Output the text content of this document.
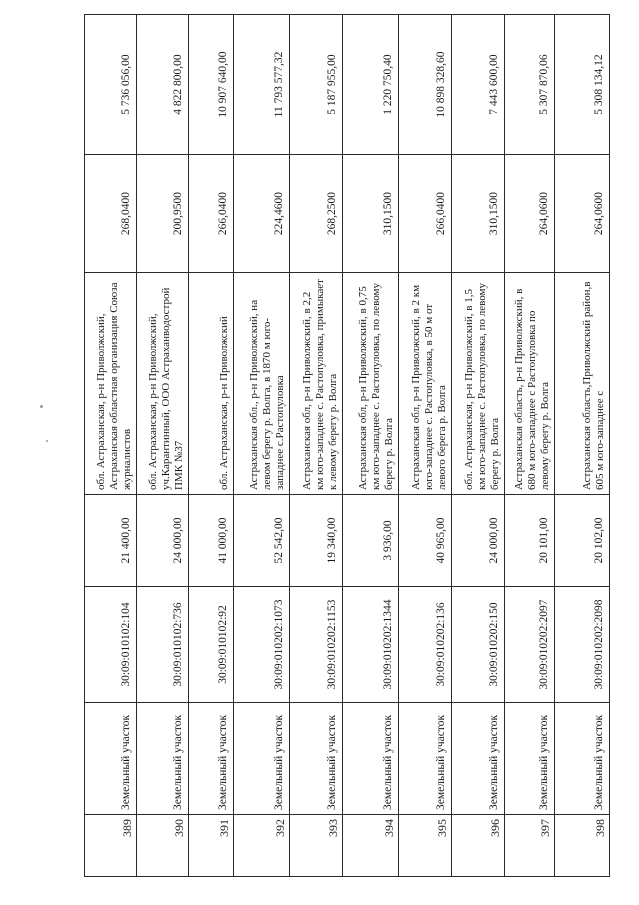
389	Земельный участок	30:09:010102:104	21 400,00	обл. Астраханская, р-н Приволжский, Астраханская областная организация Союза журналистов	268,0400	5 736 056,00
390	Земельный участок	30:09:010102:736	24 000,00	обл. Астраханская, р-н Приволжский, уч.Карантинный, ООО Астраханводострой ПМК №37	200,9500	4 822 800,00
391	Земельный участок	30:09:010102:92	41 000,00	обл. Астраханская, р-н Приволжский	266,0400	10 907 640,00
392	Земельный участок	30:09:010202:1073	52 542,00	Астраханская обл., р-н Приволжский, на левом берегу р. Волга, в 1870 м юго-западнее с.Растопуловка	224,4600	11 793 577,32
393	Земельный участок	30:09:010202:1153	19 340,00	Астраханская обл, р-н Приволжский, в 2,2 км юго-западнее с. Растопуловка, примыкает к левому берегу р. Волга	268,2500	5 187 955,00
394	Земельный участок	30:09:010202:1344	3 936,00	Астраханская обл, р-н Приволжский, в 0,75 км юго-западнее с. Растопуловка, по левому берегу р. Волга	310,1500	1 220 750,40
395	Земельный участок	30:09:010202:136	40 965,00	Астраханская обл, р-н Приволжский, в 2 км юго-западнее с. Растопуловка, в 50 м от левого берега р. Волга	266,0400	10 898 328,60
396	Земельный участок	30:09:010202:150	24 000,00	обл. Астраханская, р-н Приволжский, в 1,5 км юго-западнее с. Растопуловка, по левому берегу р. Волга	310,1500	7 443 600,00
397	Земельный участок	30:09:010202:2097	20 101,00	Астраханская область, р-н Приволжский, в 680 м юго-западнее с Растопуловка по левому берегу р. Волга	264,0600	5 307 870,06
398	Земельный участок	30:09:010202:2098	20 102,00	Астраханская область,Приволжский район,в 605 м юго-западнее с	264,0600	5 308 134,12
